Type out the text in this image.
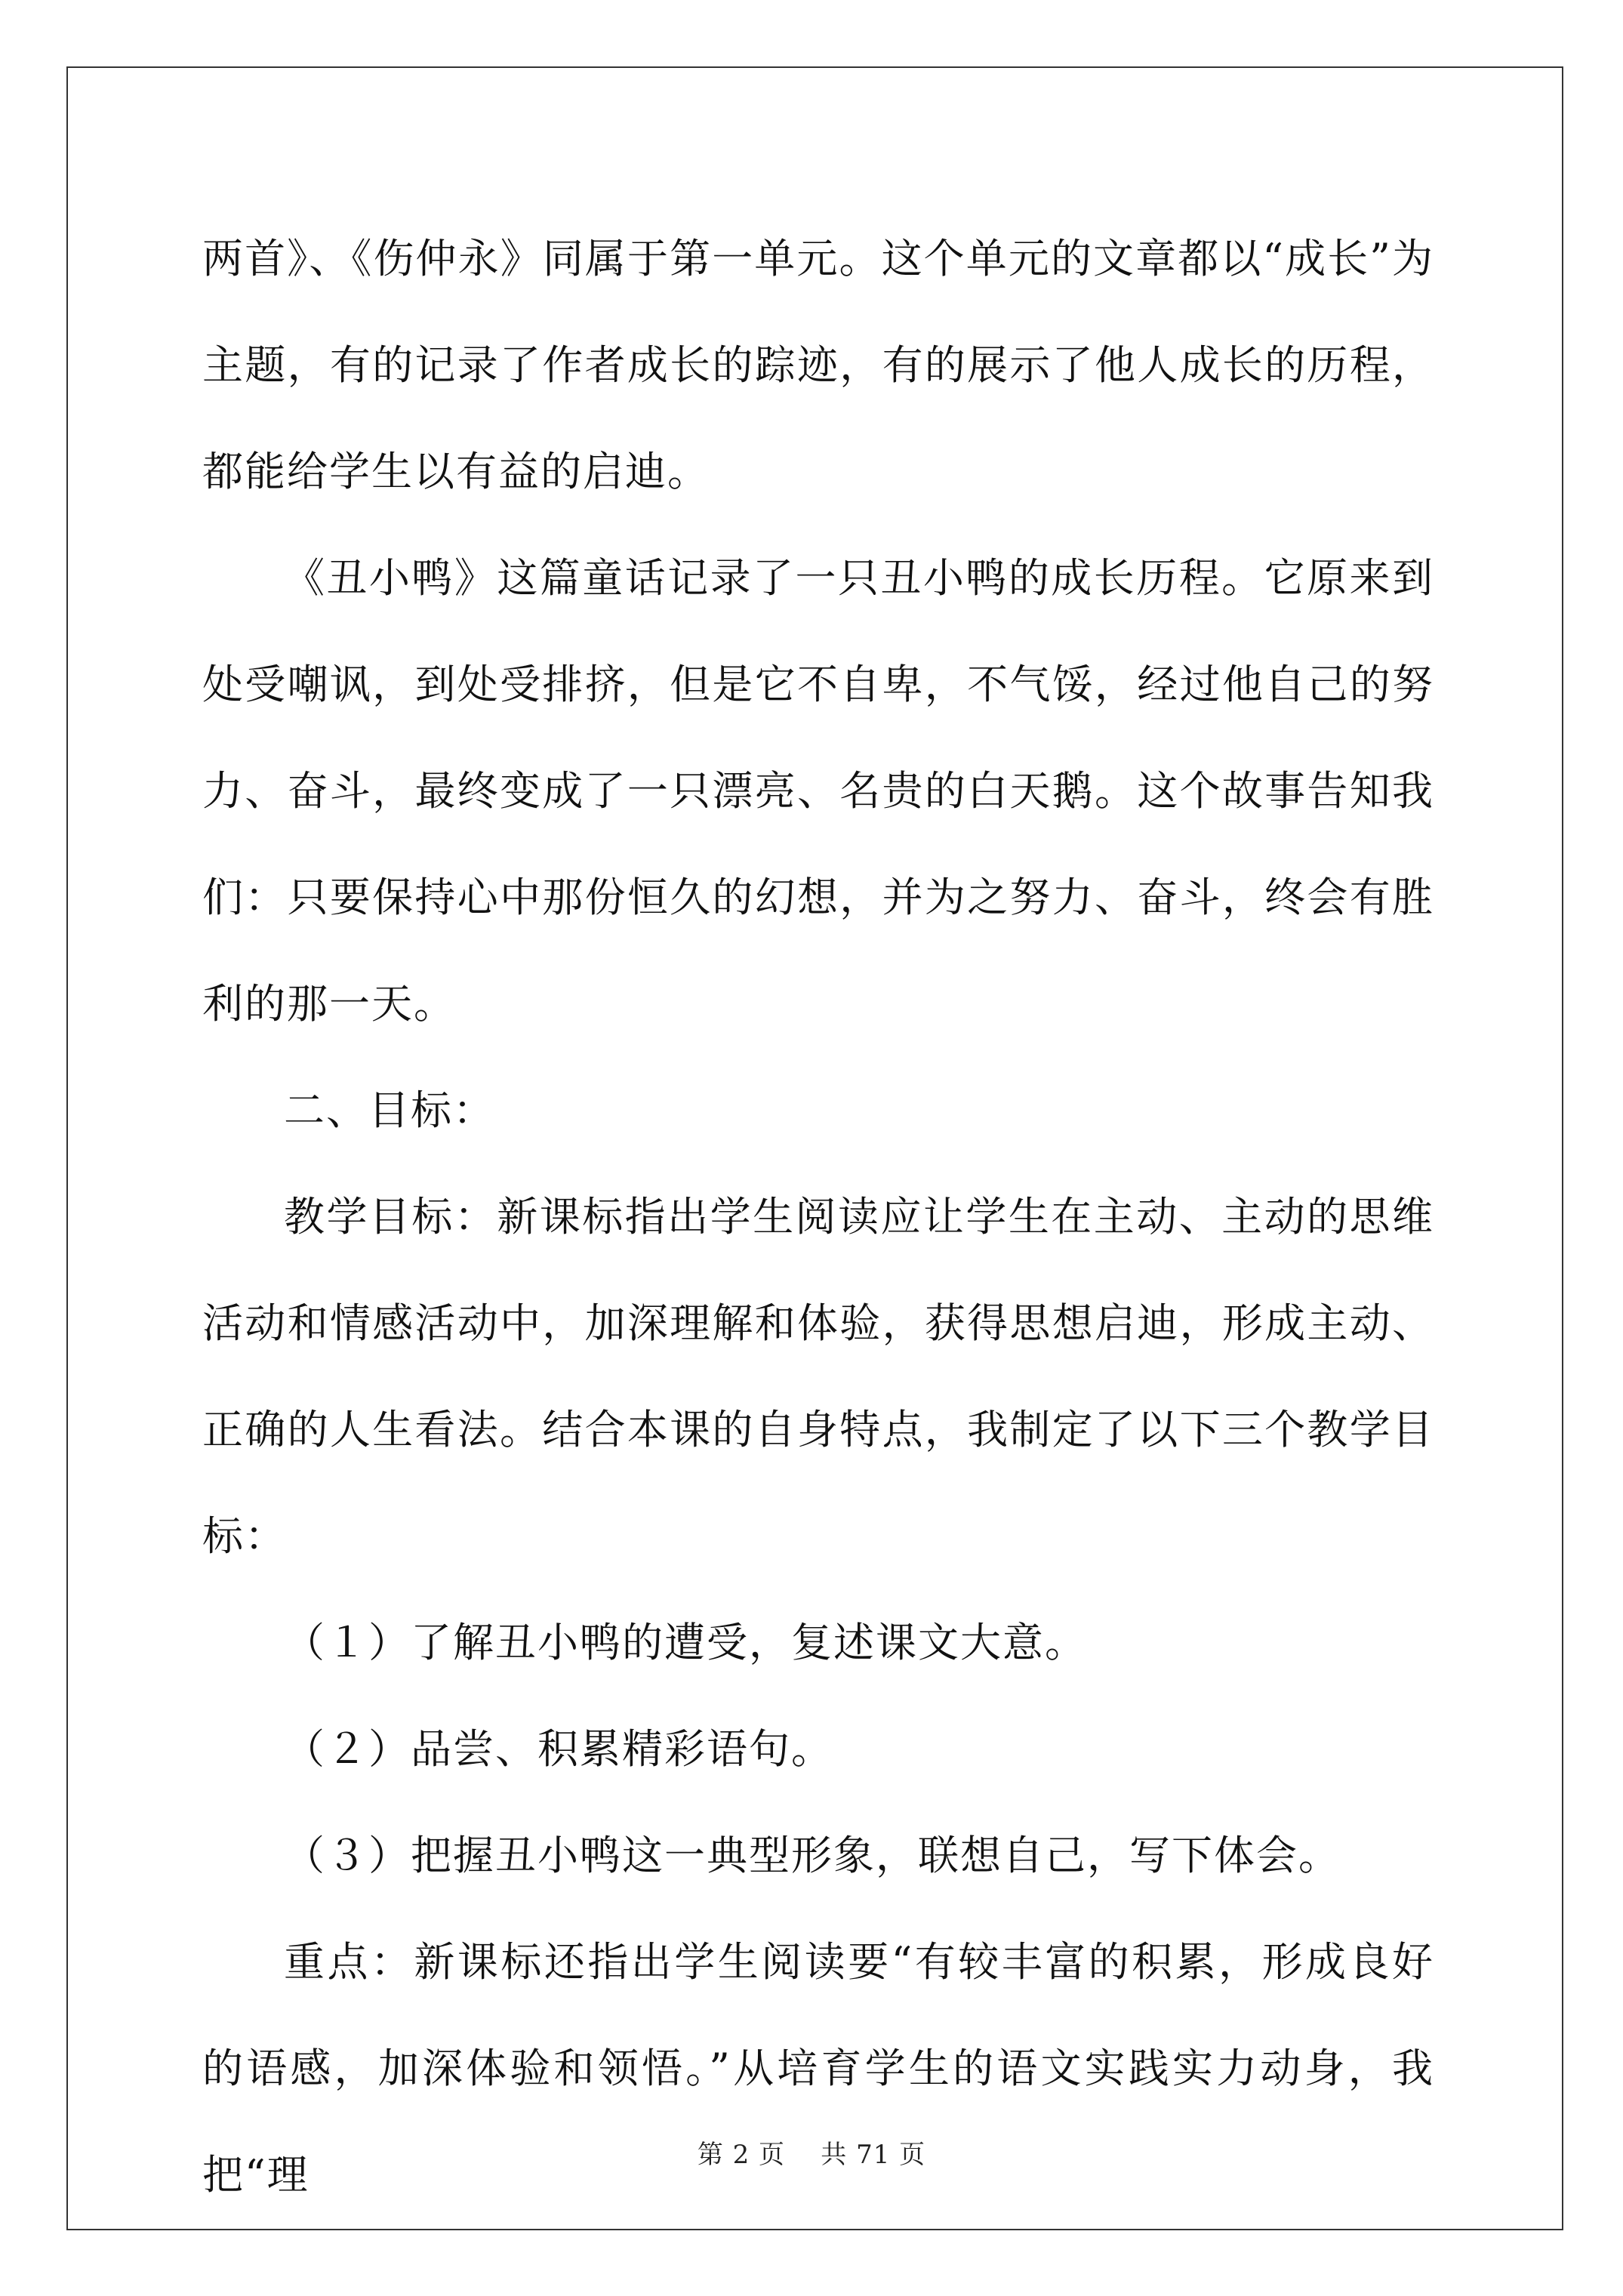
两首》、《伤仲永》同属于第一单元。这个单元的文章都以“成长”为主题，有的记录了作者成长的踪迹，有的展示了他人成长的历程，都能给学生以有益的启迪。

《丑小鸭》这篇童话记录了一只丑小鸭的成长历程。它原来到处受嘲讽，到处受排挤，但是它不自卑，不气馁，经过他自己的努力、奋斗，最终变成了一只漂亮、名贵的白天鹅。这个故事告知我们：只要保持心中那份恒久的幻想，并为之努力、奋斗，终会有胜利的那一天。

二、目标：

教学目标：新课标指出学生阅读应让学生在主动、主动的思维活动和情感活动中，加深理解和体验，获得思想启迪，形成主动、正确的人生看法。结合本课的自身特点，我制定了以下三个教学目标：

（１）了解丑小鸭的遭受，复述课文大意。

（２）品尝、积累精彩语句。

（３）把握丑小鸭这一典型形象，联想自己，写下体会。

重点：新课标还指出学生阅读要“有较丰富的积累，形成良好的语感，加深体验和领悟。”从培育学生的语文实践实力动身，我把“理	第 2 页 共 71 页
